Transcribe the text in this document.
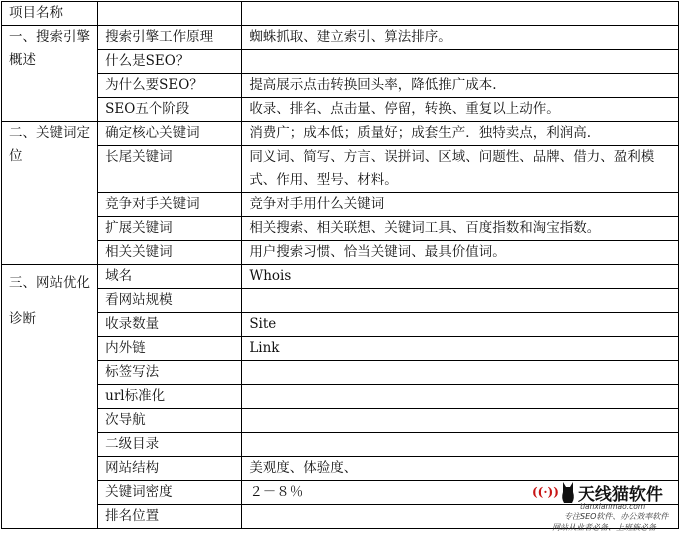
项目名称		
一、搜索引擎概述	搜索引擎工作原理	蜘蛛抓取、建立索引、算法排序。
	什么是SEO？	
	为什么要SEO？	提高展示点击转换回头率，降低推广成本.
	SEO五个阶段	收录、排名、点击量、停留，转换、重复以上动作。
二、关键词定位	确定核心关键词	消费广；成本低；质量好；成套生产．独特卖点，利润高.
	长尾关键词	同义词、简写、方言、误拼词、区域、问题性、品牌、借力、盈利模式、作用、型号、材料。
	竞争对手关键词	竞争对手用什么关键词
	扩展关键词	相关搜索、相关联想、关键词工具、百度指数和淘宝指数。
	相关关键词	用户搜索习惯、恰当关键词、最具价值词。
三、网站优化诊断	域名	Whois
	看网站规模	
	收录数量	Site
	内外链	Link
	标签写法	
	url标准化	
	次导航	
	二级目录	
	网站结构	美观度、体验度、
	关键词密度	２－８％
	排名位置	
((·)) 天线猫软件
tianxianmao.com
专注SEO软件、办公效率软件
网站从业者必备、上班族必备
